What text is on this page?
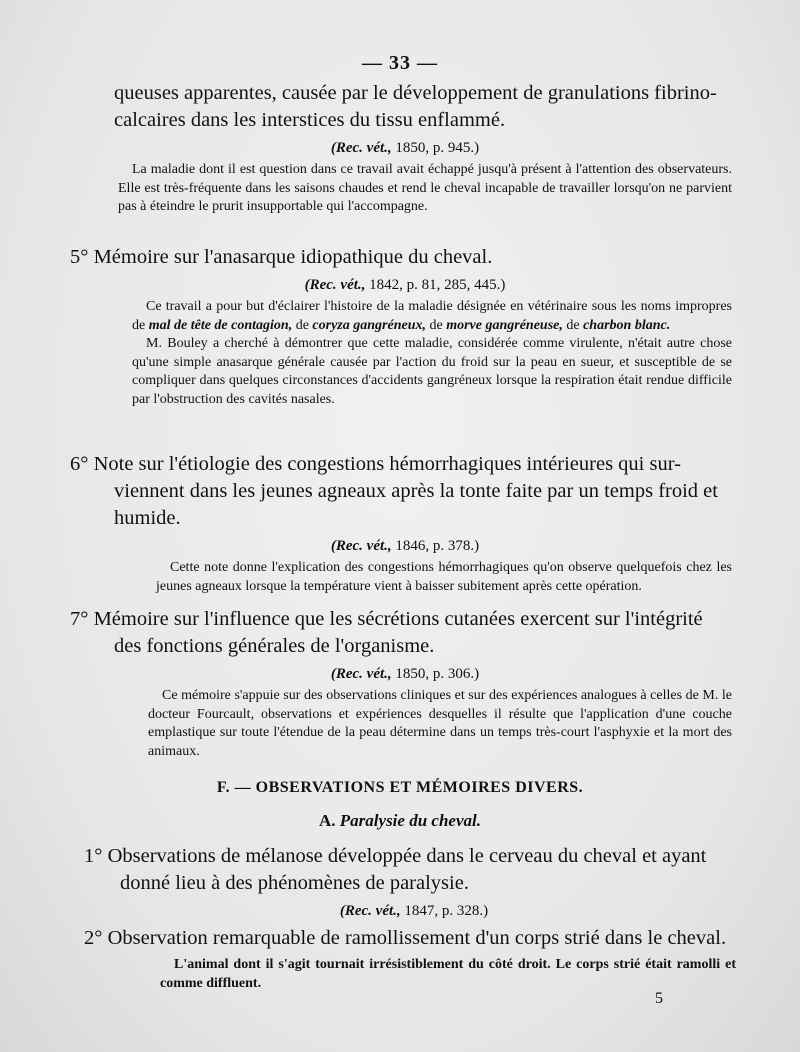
— 33 —
queuses apparentes, causée par le développement de granulations fibrino-
calcaires dans les interstices du tissu enflammé.
(Rec. vét., 1850, p. 945.)

La maladie dont il est question dans ce travail avait échappé jusqu'à présent à l'attention des observateurs. Elle est très-fréquente dans les saisons chaudes et rend le cheval incapable de travailler lorsqu'on ne parvient pas à éteindre le prurit insupportable qui l'accompagne.

5° Mémoire sur l'anasarque idiopathique du cheval.
(Rec. vét., 1842, p. 81, 285, 445.)

Ce travail a pour but d'éclairer l'histoire de la maladie désignée en vétérinaire sous les noms impropres de mal de tête de contagion, de coryza gangréneux, de morve gangréneuse, de charbon blanc.

M. Bouley a cherché à démontrer que cette maladie, considérée comme virulente, n'était autre chose qu'une simple anasarque générale causée par l'action du froid sur la peau en sueur, et susceptible de se compliquer dans quelques circonstances d'accidents gangréneux lorsque la respiration était rendue difficile par l'obstruction des cavités nasales.

6° Note sur l'étiologie des congestions hémorrhagiques intérieures qui sur-
viennent dans les jeunes agneaux après la tonte faite par un temps froid et
humide.
(Rec. vét., 1846, p. 378.)

Cette note donne l'explication des congestions hémorrhagiques qu'on observe quelquefois chez les jeunes agneaux lorsque la température vient à baisser subitement après cette opération.

7° Mémoire sur l'influence que les sécrétions cutanées exercent sur l'intégrité
des fonctions générales de l'organisme.
(Rec. vét., 1850, p. 306.)

Ce mémoire s'appuie sur des observations cliniques et sur des expériences analogues à celles de M. le docteur Fourcault, observations et expériences desquelles il résulte que l'application d'une couche emplastique sur toute l'étendue de la peau détermine dans un temps très-court l'asphyxie et la mort des animaux.

F. — OBSERVATIONS ET MÉMOIRES DIVERS.
A. Paralysie du cheval.
1° Observations de mélanose développée dans le cerveau du cheval et ayant
donné lieu à des phénomènes de paralysie.
(Rec. vét., 1847, p. 328.)
2° Observation remarquable de ramollissement d'un corps strié dans le cheval.

L'animal dont il s'agit tournait irrésistiblement du côté droit. Le corps strié était ramolli et comme diffluent.

5
